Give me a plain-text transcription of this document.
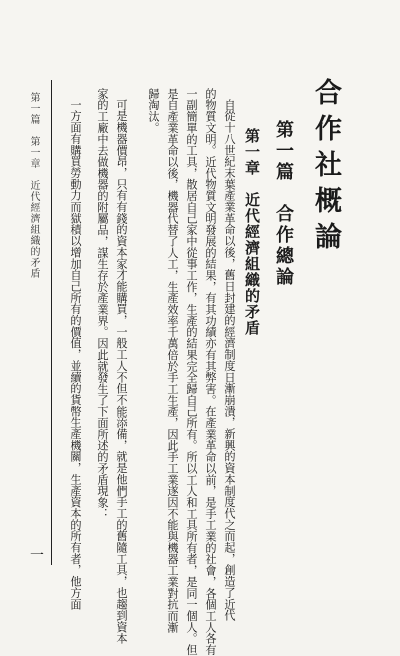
合作社概論
第一篇　合作總論
第一章　近代經濟組織的矛盾
自從十八世紀末葉產業革命以後，舊日封建的經濟制度日漸崩潰，新興的資本制度代之而起，創造了近代
的物質文明。近代物質文明發展的結果，有其功績亦有其弊害。在產業革命以前，是手工業的社會，各個工人各有
一副簡單的工具，散居自己家中從事工作，生產的結果完全歸自己所有。所以工人和工具所有者，是同一個人。但
是自產業革命以後，機器代替了人工，生產效率千萬倍於手工生產，因此手工業遂因不能與機器工業對抗而漸
歸淘汰。
可是機器價昂，只有有錢的資本家才能購買，一般工人不但不能添備，就是他們手工的舊隨工具，也趨到資本
家的工廠中去做機器的附屬品，謀生存於產業界。因此就發生了下面所述的矛盾現象：
一方面有購買勞動力而獄積以增加自己所有的價值，並續的貨幣生產機關，生產資本的所有者，他方面
第一篇　第一章　近代經濟組織的矛盾
一
